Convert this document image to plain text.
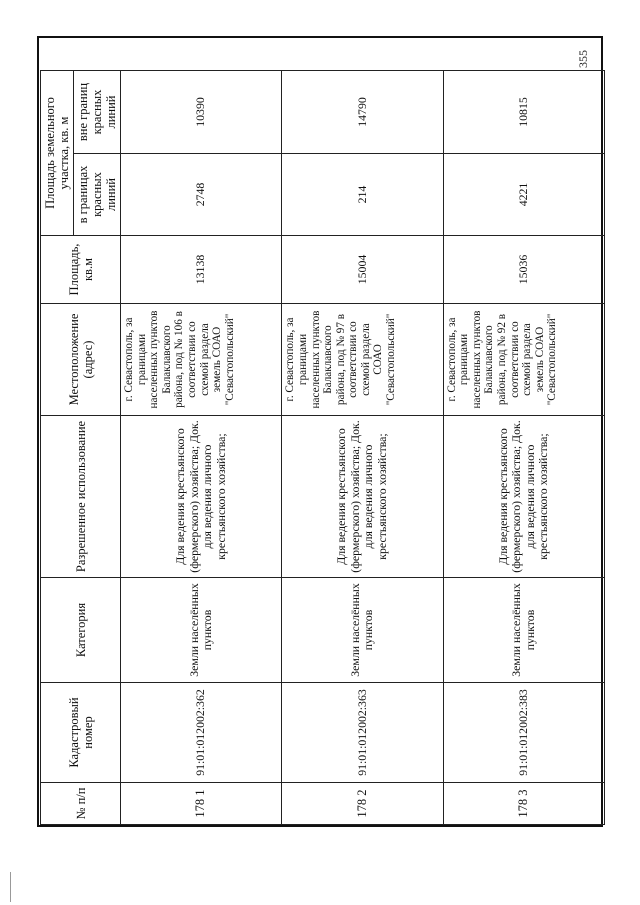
355
№ п/п	Кадастровый номер	Категория	Разрешенное использование	Местоположение (адрес)	Площадь, кв.м	Площадь земельного участка, кв. м	
						в границах красных линий	вне границ красных линий
178 1	91:01:012002:362	Земли населённых пунктов	Для ведения крестьянского (фермерского) хозяйства; Док. для ведения личного крестьянского хозяйства;	г. Севастополь, за границами населенных пунктов Балаклавского района, под № 106 в соответствии со схемой раздела земель СОАО "Севастопольский"	13138	2748	10390
178 2	91:01:012002:363	Земли населённых пунктов	Для ведения крестьянского (фермерского) хозяйства; Док. для ведения личного крестьянского хозяйства;	г. Севастополь, за границами населенных пунктов Балаклавского района, под № 97 в соответствии со схемой раздела СОАО "Севастопольский"	15004	214	14790
178 3	91:01:012002:383	Земли населённых пунктов	Для ведения крестьянского (фермерского) хозяйства; Док. для ведения личного крестьянского хозяйства;	г. Севастополь, за границами населенных пунктов Балаклавского района, под № 92 в соответствии со схемой раздела земель СОАО "Севастопольский"	15036	4221	10815
